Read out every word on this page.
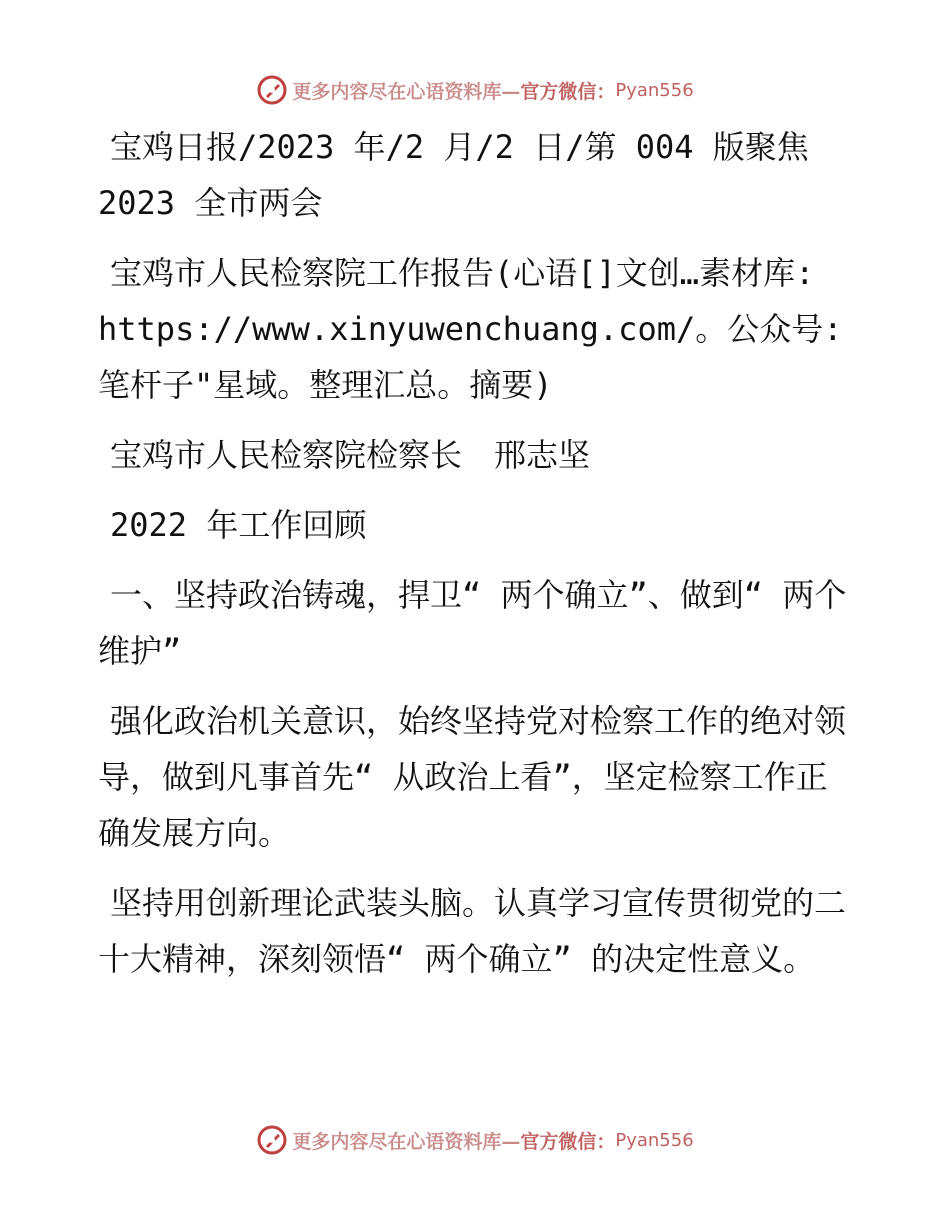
更多内容尽在心语资料库— 官方微信： Pyan556

宝鸡日报/2023 年/2 月/2 日/第 004 版聚焦 2023 全市两会

宝鸡市人民检察院工作报告(心语[]文创…素材库: https://www.xinyuwenchuang.com/。公众号: 笔杆子"星域。整理汇总。摘要)

宝鸡市人民检察院检察长　邢志坚

2022 年工作回顾

一、坚持政治铸魂，捍卫“ 两个确立”、做到“ 两个维护”

强化政治机关意识，始终坚持党对检察工作的绝对领导，做到凡事首先“ 从政治上看”，坚定检察工作正确发展方向。

坚持用创新理论武装头脑。认真学习宣传贯彻党的二十大精神，深刻领悟“ 两个确立” 的决定性意义。

更多内容尽在心语资料库— 官方微信： Pyan556
